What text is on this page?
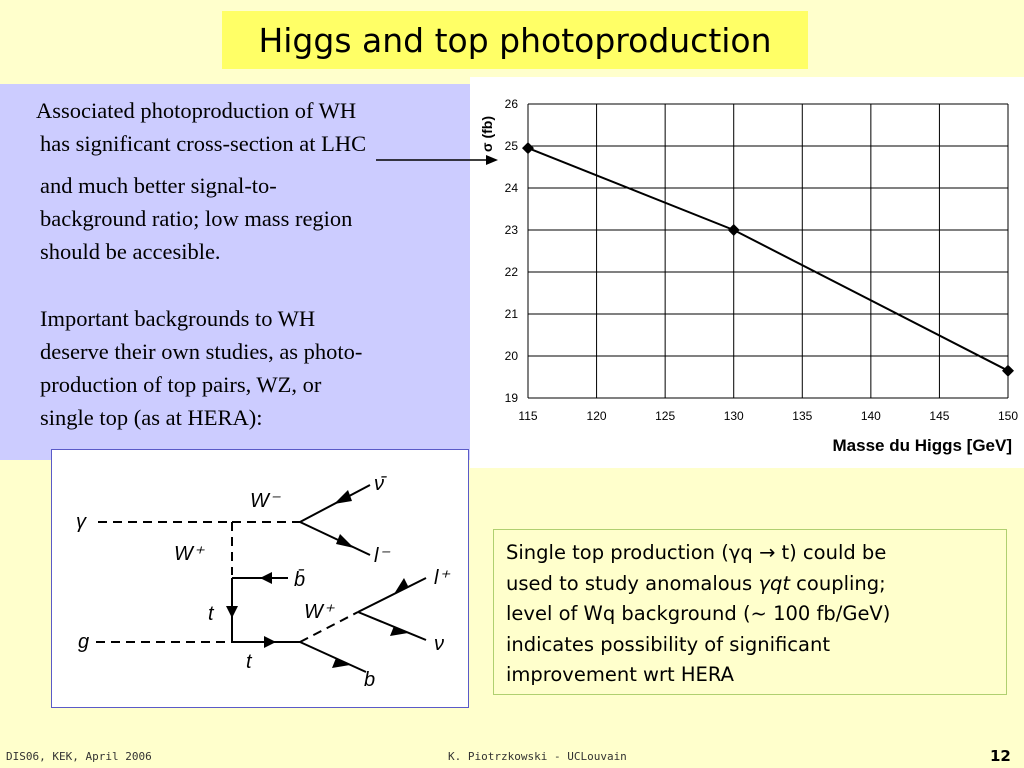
Higgs and top photoproduction

Associated photoproduction of WH

has significant cross-section at LHC

and much better signal-to-

background ratio; low mass region

should be accesible.

Important backgrounds to WH

deserve their own studies, as photo-

production of top pairs, WZ, or

single top (as at HERA):	115	120	125	130	135	140	145	150
19
20
21
22
23
24
25
26
Masse du Higgs [GeV]
σ (fb)
γ
g
W⁻
W⁺
ν̄
l⁻
b̄
t
t
W⁺
l⁺
ν
b
Single top production (γq → t) could be
used to study anomalous γqt coupling;
level of Wq background (~ 100 fb/GeV)
indicates possibility of significant
improvement wrt HERA
DIS06, KEK, April 2006	K. Piotrzkowski - UCLouvain	12
